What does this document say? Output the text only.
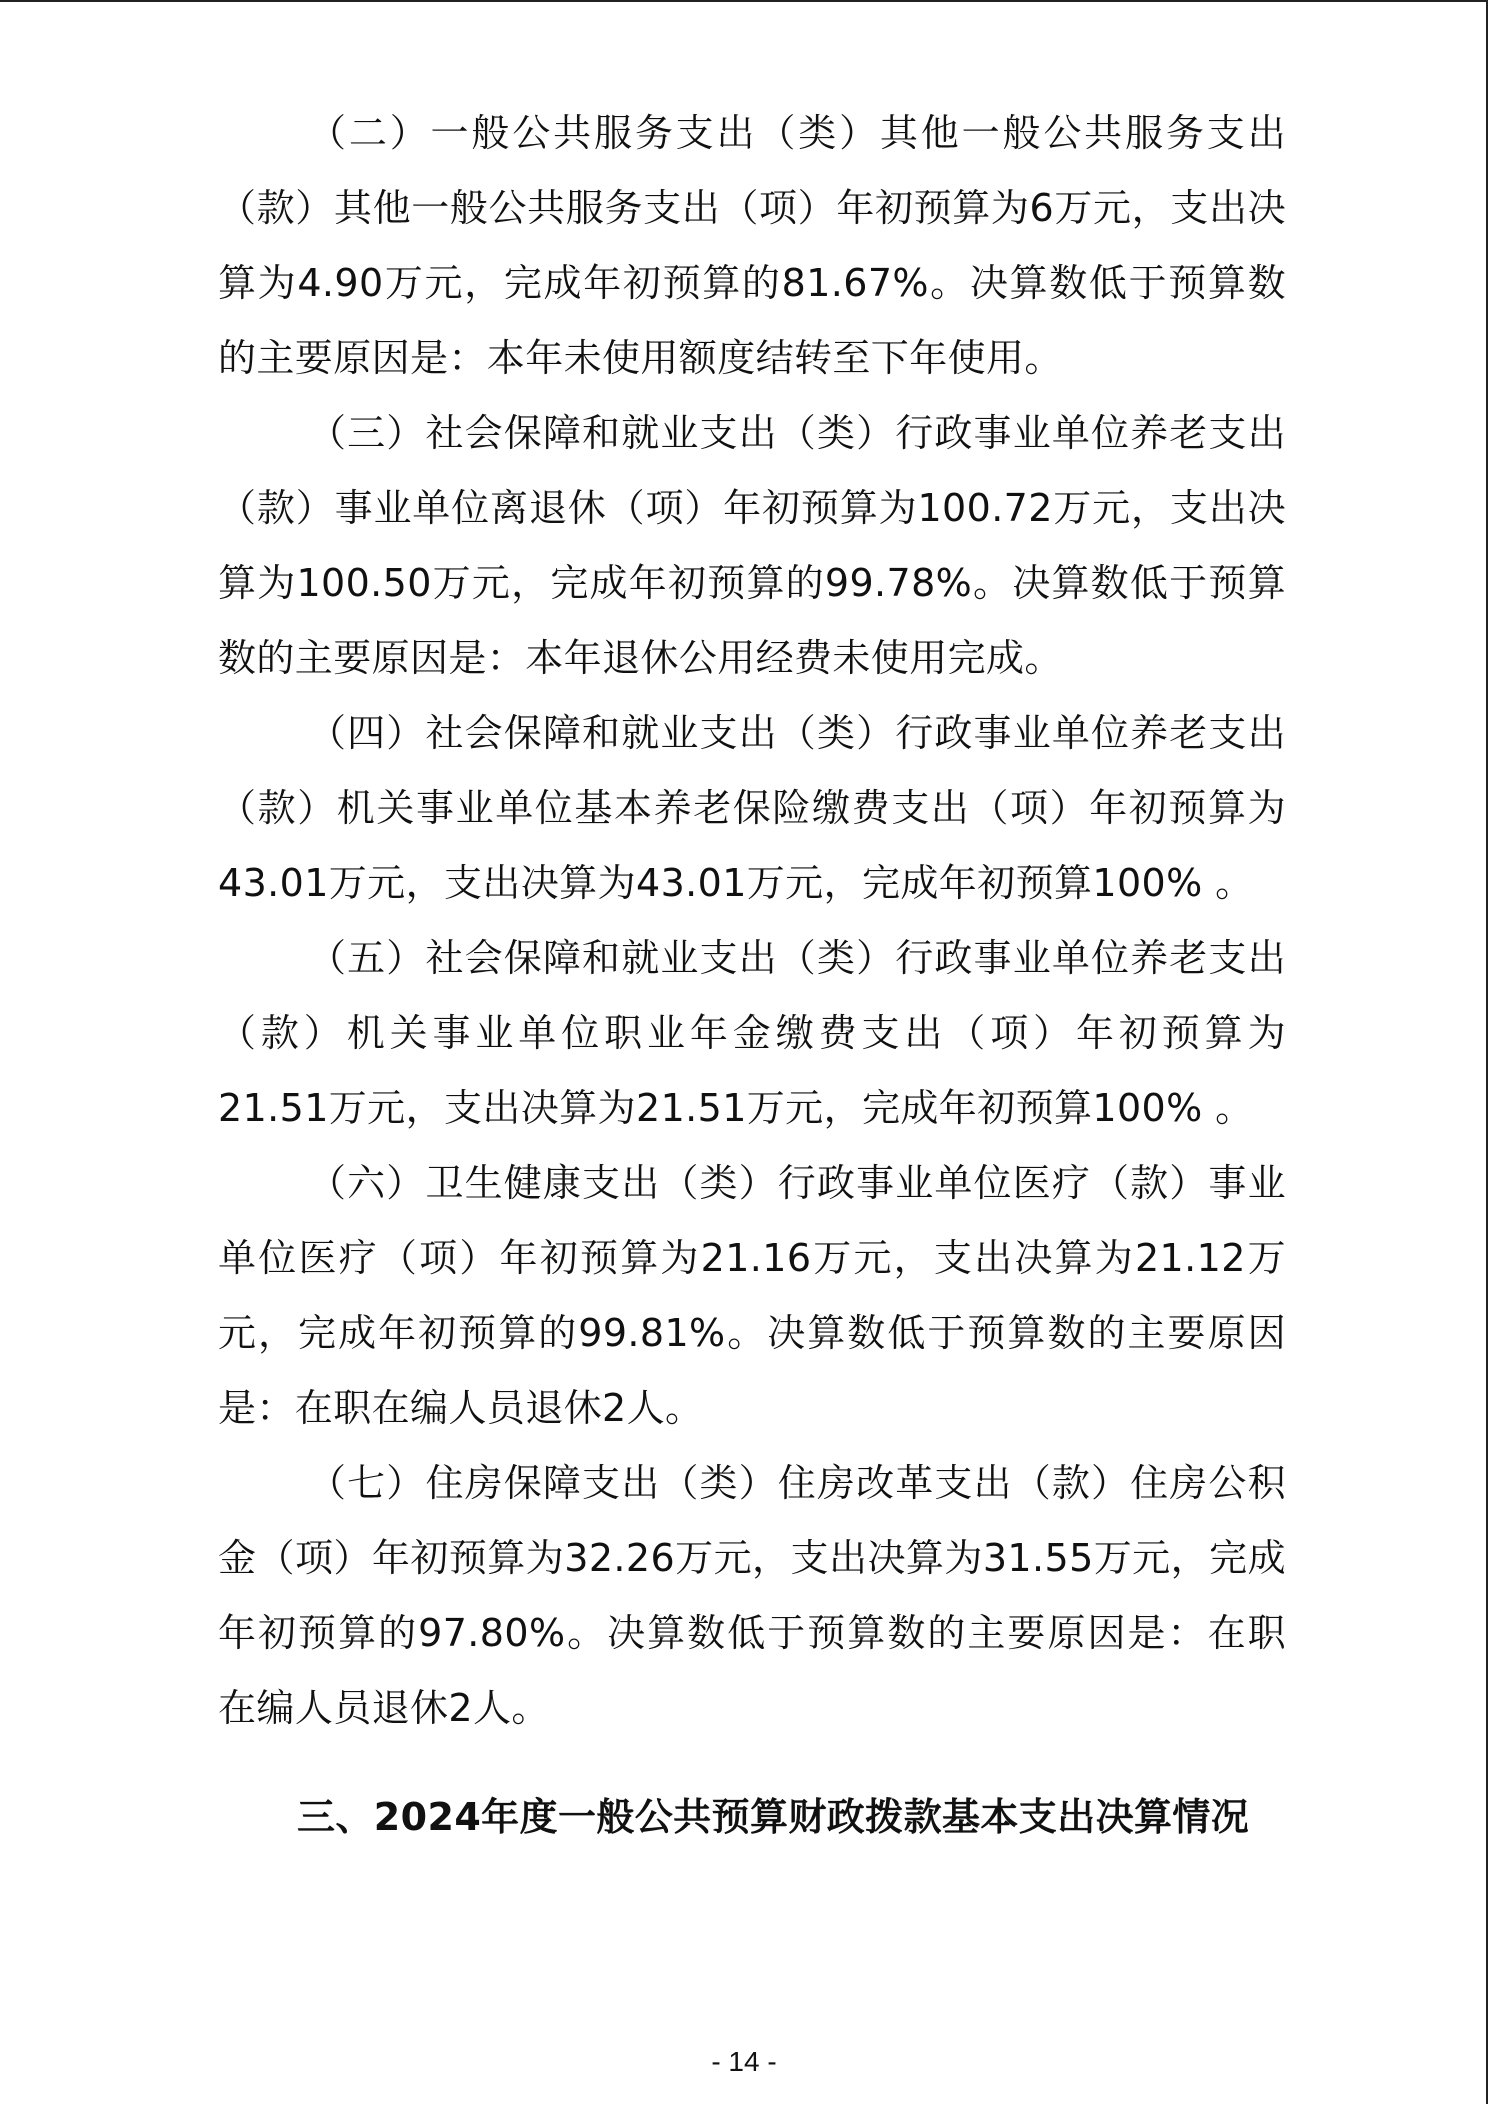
（二）一般公共服务支出（类）其他一般公共服务支出（款）其他一般公共服务支出（项）年初预算为6万元，支出决算为4.90万元，完成年初预算的81.67%。决算数低于预算数的主要原因是：本年未使用额度结转至下年使用。

（三）社会保障和就业支出（类）行政事业单位养老支出（款）事业单位离退休（项）年初预算为100.72万元，支出决算为100.50万元，完成年初预算的99.78%。决算数低于预算数的主要原因是：本年退休公用经费未使用完成。

（四）社会保障和就业支出（类）行政事业单位养老支出（款）机关事业单位基本养老保险缴费支出（项）年初预算为43.01万元，支出决算为43.01万元，完成年初预算100% 。

（五）社会保障和就业支出（类）行政事业单位养老支出（款）机关事业单位职业年金缴费支出（项）年初预算为21.51万元，支出决算为21.51万元，完成年初预算100% 。

（六）卫生健康支出（类）行政事业单位医疗（款）事业单位医疗（项）年初预算为21.16万元，支出决算为21.12万元，完成年初预算的99.81%。决算数低于预算数的主要原因是：在职在编人员退休2人。

（七）住房保障支出（类）住房改革支出（款）住房公积金（项）年初预算为32.26万元，支出决算为31.55万元，完成年初预算的97.80%。决算数低于预算数的主要原因是：在职在编人员退休2人。

三、2024年度一般公共预算财政拨款基本支出决算情况
- 14 -
